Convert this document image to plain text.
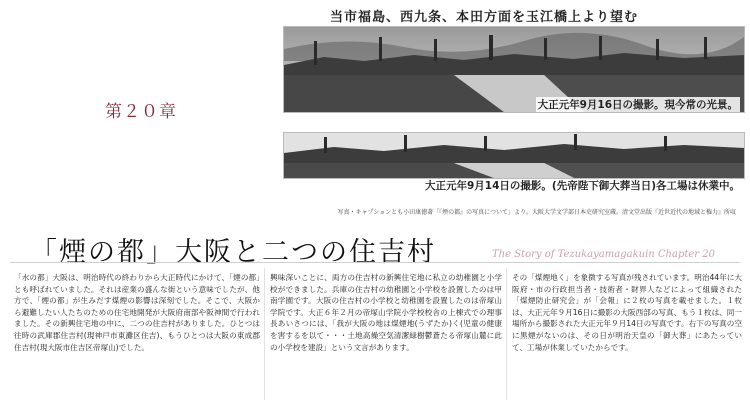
当市福島、西九条、本田方面を玉江橋上より望む
大正元年9月16日の撮影。現今常の光景。
大正元年9月14日の撮影。(先帝陛下御大葬当日)各工場は休業中。
写真・キャプションとも小田康徳著「『煙の都』の写真について」より。大阪大学文学部日本史研究室蔵。清文堂出版『近世近代の地域と権力』所収
第２０章
「煙の都」大阪と二つの住吉村	The Story of Tezukayamagakuin Chapter 20
「水の都」大阪は、明治時代の終わりから大正時代にかけて、「煙の都」とも呼ばれていました。それは産業の盛んな街という意味でしたが、他方で、「煙の都」が生みだす煤煙の影響は深刻でした。そこで、大阪から避難したい人たちのための住宅地開発が大阪府南部や阪神間で行われました。その新興住宅地の中に、二つの住吉村がありました。ひとつは往時の武庫郡住吉村(現神戸市東灘区住吉)、もうひとつは大阪の東成郡住吉村(現大阪市住吉区帝塚山)でした。
興味深いことに、両方の住吉村の新興住宅地に私立の幼稚園と小学校ができました。兵庫の住吉村の幼稚園と小学校を設置したのは甲南学園です。大阪の住吉村の小学校と幼稚園を設置したのは帝塚山学院です。大正６年２月の帝塚山学院小学校校舎の上棟式での理事長あいさつには、「我が大阪の地は煤煙地(うずたか)く(児童の健康を害するを以て・・・土地高燥空気清潔緑樹鬱蒼たる帝塚山麓に此の小学校を建設」という文言があります。
その「煤煙地く」を象徴する写真が残されています。明治44年に大阪府・市の行政担当者・技術者・財界人などによって組織された「煤煙防止研究会」が「会報」に２枚の写真を載せました。１枚は、大正元年９月16日に撮影の大阪西部の写真、もう１枚は、同一場所から撮影された大正元年９月14日の写真です。右下の写真の空に黒煙がないのは、その日が明治天皇の「御大葬」にあたっていて、工場が休業していたからです。
